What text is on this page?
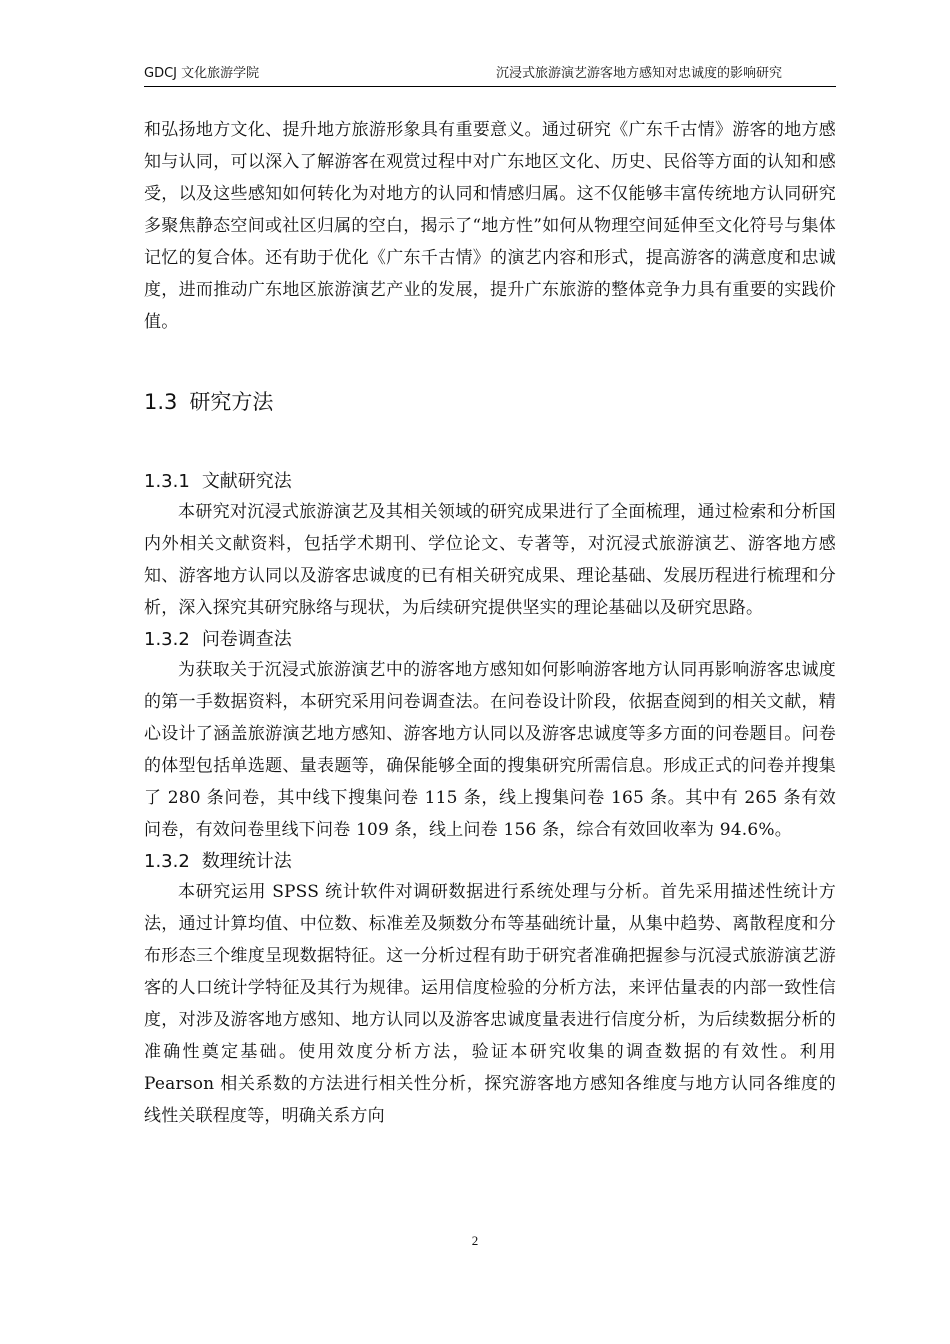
GDCJ 文化旅游学院	沉浸式旅游演艺游客地方感知对忠诚度的影响研究

和弘扬地方文化、提升地方旅游形象具有重要意义。通过研究《广东千古情》游客的地方感知与认同，可以深入了解游客在观赏过程中对广东地区文化、历史、民俗等方面的认知和感受，以及这些感知如何转化为对地方的认同和情感归属。这不仅能够丰富传统地方认同研究多聚焦静态空间或社区归属的空白，揭示了“地方性”如何从物理空间延伸至文化符号与集体记忆的复合体。还有助于优化《广东千古情》的演艺内容和形式，提高游客的满意度和忠诚度，进而推动广东地区旅游演艺产业的发展，提升广东旅游的整体竞争力具有重要的实践价值。

1.3 研究方法
1.3.1 文献研究法

本研究对沉浸式旅游演艺及其相关领域的研究成果进行了全面梳理，通过检索和分析国内外相关文献资料，包括学术期刊、学位论文、专著等，对沉浸式旅游演艺、游客地方感知、游客地方认同以及游客忠诚度的已有相关研究成果、理论基础、发展历程进行梳理和分析，深入探究其研究脉络与现状，为后续研究提供坚实的理论基础以及研究思路。

1.3.2 问卷调查法

为获取关于沉浸式旅游演艺中的游客地方感知如何影响游客地方认同再影响游客忠诚度的第一手数据资料，本研究采用问卷调查法。在问卷设计阶段，依据查阅到的相关文献，精心设计了涵盖旅游演艺地方感知、游客地方认同以及游客忠诚度等多方面的问卷题目。问卷的体型包括单选题、量表题等，确保能够全面的搜集研究所需信息。形成正式的问卷并搜集了 280 条问卷，其中线下搜集问卷 115 条，线上搜集问卷 165 条。其中有 265 条有效问卷，有效问卷里线下问卷 109 条，线上问卷 156 条，综合有效回收率为 94.6%。

1.3.2 数理统计法

本研究运用 SPSS 统计软件对调研数据进行系统处理与分析。首先采用描述性统计方法，通过计算均值、中位数、标准差及频数分布等基础统计量，从集中趋势、离散程度和分布形态三个维度呈现数据特征。这一分析过程有助于研究者准确把握参与沉浸式旅游演艺游客的人口统计学特征及其行为规律。运用信度检验的分析方法，来评估量表的内部一致性信度，对涉及游客地方感知、地方认同以及游客忠诚度量表进行信度分析，为后续数据分析的准确性奠定基础。使用效度分析方法，验证本研究收集的调查数据的有效性。利用 Pearson 相关系数的方法进行相关性分析，探究游客地方感知各维度与地方认同各维度的线性关联程度等，明确关系方向

2
